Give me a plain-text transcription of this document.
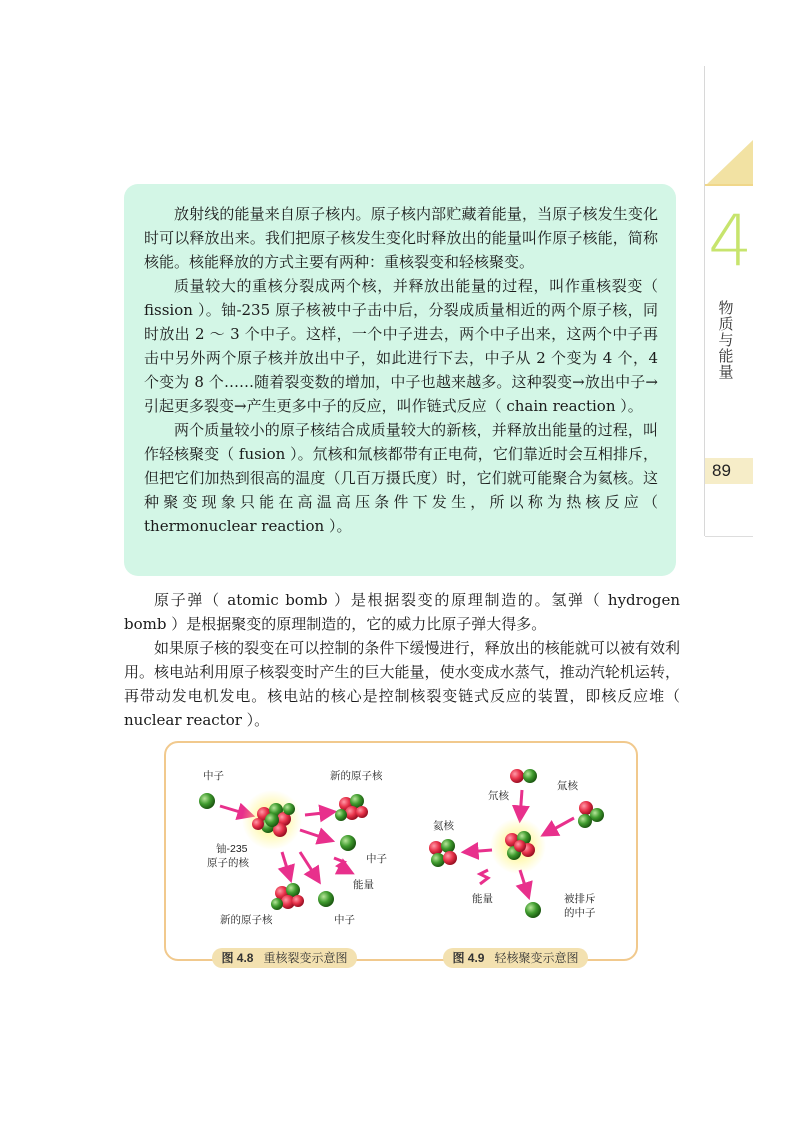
4
物
质
与
能
量
89

放射线的能量来自原子核内。原子核内部贮藏着能量，当原子核发生变化时可以释放出来。我们把原子核发生变化时释放出的能量叫作原子核能，简称核能。核能释放的方式主要有两种：重核裂变和轻核聚变。

质量较大的重核分裂成两个核，并释放出能量的过程，叫作重核裂变（ fission ）。铀-235 原子核被中子击中后，分裂成质量相近的两个原子核，同时放出 2 ～ 3 个中子。这样，一个中子进去，两个中子出来，这两个中子再击中另外两个原子核并放出中子，如此进行下去，中子从 2 个变为 4 个，4 个变为 8 个……随着裂变数的增加，中子也越来越多。这种裂变→放出中子→引起更多裂变→产生更多中子的反应，叫作链式反应（ chain reaction ）。

两个质量较小的原子核结合成质量较大的新核，并释放出能量的过程，叫作轻核聚变（ fusion ）。氘核和氚核都带有正电荷，它们靠近时会互相排斥，但把它们加热到很高的温度（几百万摄氏度）时，它们就可能聚合为氦核。这种聚变现象只能在高温高压条件下发生，所以称为热核反应（ thermonuclear reaction ）。

原子弹（ atomic bomb ）是根据裂变的原理制造的。氢弹（ hydrogen bomb ）是根据聚变的原理制造的，它的威力比原子弹大得多。

如果原子核的裂变在可以控制的条件下缓慢进行，释放出的核能就可以被有效利用。核电站利用原子核裂变时产生的巨大能量，使水变成水蒸气，推动汽轮机运转，再带动发电机发电。核电站的核心是控制核裂变链式反应的装置，即核反应堆（ nuclear reactor ）。

中子	新的原子核
铀-235
原子的核	中子
能量
新的原子核	中子
氘核
氚核
氦核
能量	被排斥
的中子
图 4.8 重核裂变示意图	图 4.9 轻核聚变示意图
